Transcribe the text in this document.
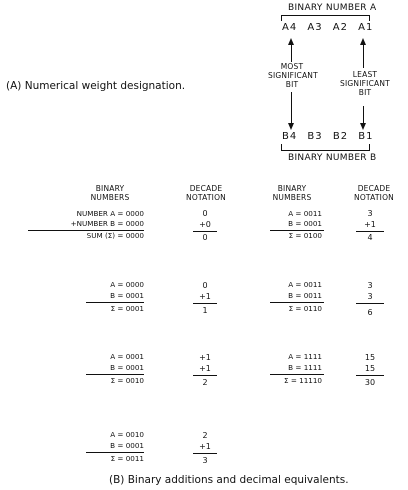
BINARY NUMBER A
A4 A3 A2 A1
MOST
SIGNIFICANT
BIT
LEAST
SIGNIFICANT
BIT
B4 B3 B2 B1
BINARY NUMBER B
(A) Numerical weight designation.
BINARY
NUMBERS
DECADE
NOTATION
BINARY
NUMBERS
DECADE
NOTATION
NUMBER A = 0000
+NUMBER B = 0000
SUM (Σ) = 0000
0
+0
0
A = 0000
B = 0001
Σ = 0001
0
+1
1
A = 0001
B = 0001
Σ = 0010
+1
+1
2
A = 0010
B = 0001
Σ = 0011
2
+1
3
A = 0011
B = 0001
Σ = 0100
3
+1
4
A = 0011
B = 0011
Σ = 0110
3
3
6
A = 1111
B = 1111
Σ = 11110
15
15
30
(B) Binary additions and decimal equivalents.
